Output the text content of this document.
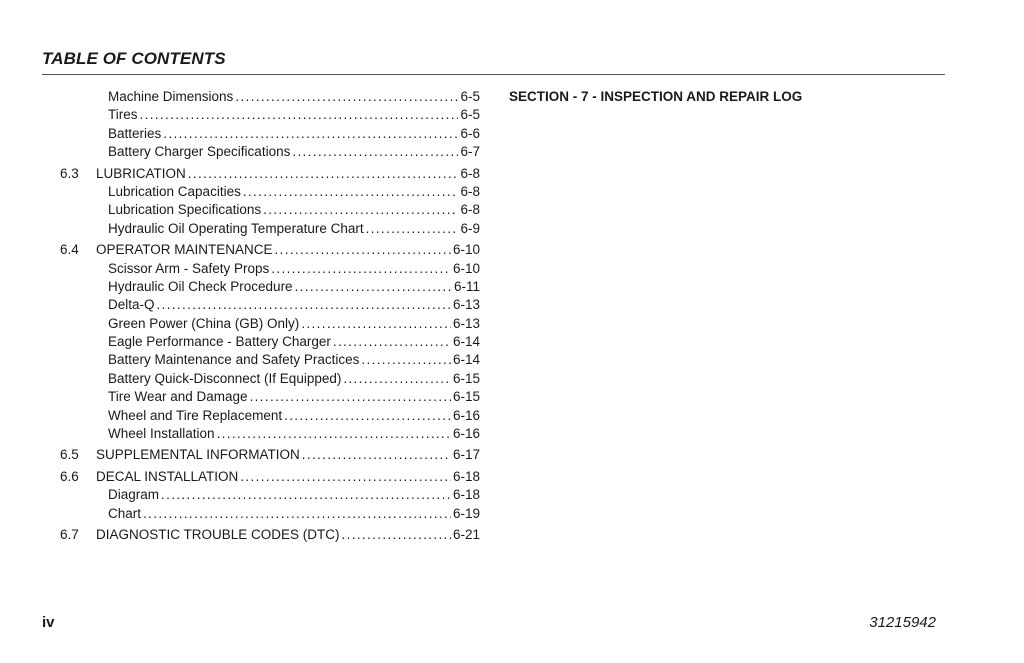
TABLE OF CONTENTS
Machine Dimensions . . .	6-5
Tires . . .	6-5
Batteries . . .	6-6
Battery Charger Specifications . . .	6-7
6.3 LUBRICATION . . .	6-8
Lubrication Capacities . . .	6-8
Lubrication Specifications . . .	6-8
Hydraulic Oil Operating Temperature Chart . . .	6-9
6.4 OPERATOR MAINTENANCE . . .	6-10
Scissor Arm - Safety Props . . .	6-10
Hydraulic Oil Check Procedure . . .	6-11
Delta-Q . . .	6-13
Green Power (China (GB) Only) . . .	6-13
Eagle Performance - Battery Charger . . .	6-14
Battery Maintenance and Safety Practices . . .	6-14
Battery Quick-Disconnect (If Equipped) . . .	6-15
Tire Wear and Damage . . .	6-15
Wheel and Tire Replacement . . .	6-16
Wheel Installation . . .	6-16
6.5 SUPPLEMENTAL INFORMATION . . .	6-17
6.6 DECAL INSTALLATION . . .	6-18
Diagram . . .	6-18
Chart . . .	6-19
6.7 DIAGNOSTIC TROUBLE CODES (DTC) . . .	6-21
SECTION - 7 - INSPECTION AND REPAIR LOG
iv	31215942
